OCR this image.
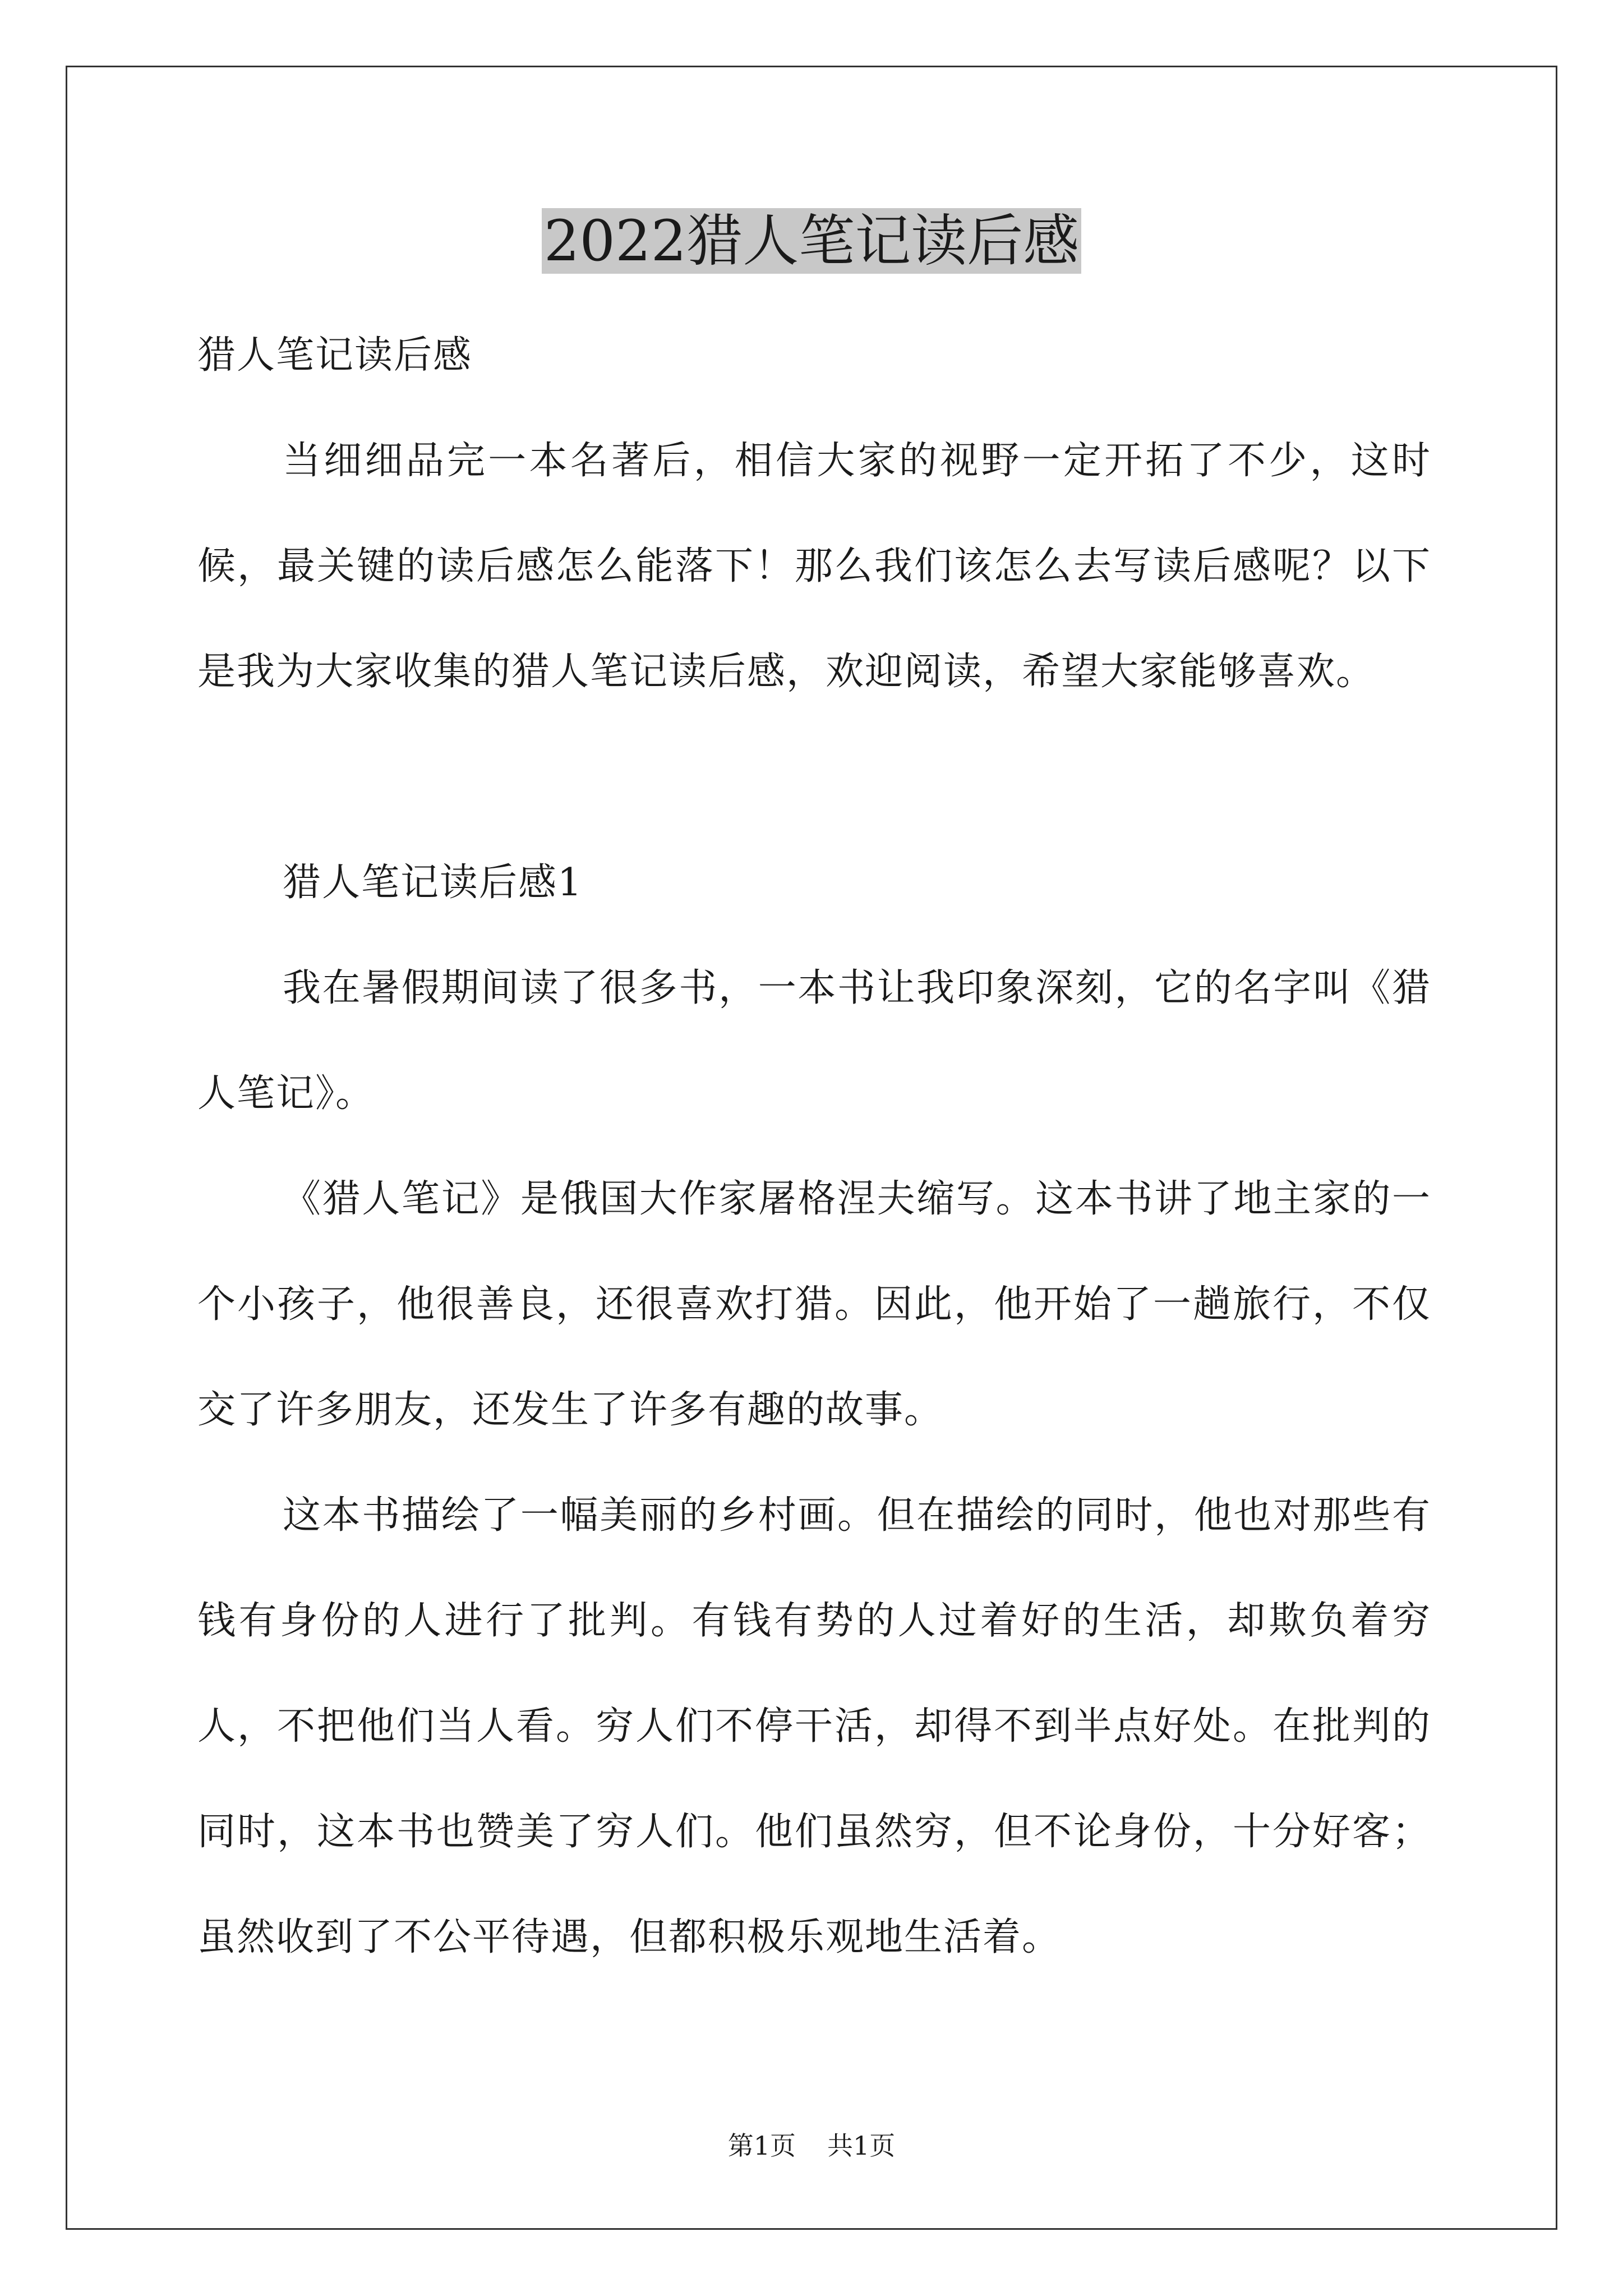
2022猎人笔记读后感

猎人笔记读后感

当细细品完一本名著后，相信大家的视野一定开拓了不少，这时候，最关键的读后感怎么能落下！那么我们该怎么去写读后感呢？以下是我为大家收集的猎人笔记读后感，欢迎阅读，希望大家能够喜欢。

猎人笔记读后感1

我在暑假期间读了很多书，一本书让我印象深刻，它的名字叫《猎人笔记》。

《猎人笔记》是俄国大作家屠格涅夫缩写。这本书讲了地主家的一个小孩子，他很善良，还很喜欢打猎。因此，他开始了一趟旅行，不仅交了许多朋友，还发生了许多有趣的故事。

这本书描绘了一幅美丽的乡村画。但在描绘的同时，他也对那些有钱有身份的人进行了批判。有钱有势的人过着好的生活，却欺负着穷人，不把他们当人看。穷人们不停干活，却得不到半点好处。在批判的同时，这本书也赞美了穷人们。他们虽然穷，但不论身份，十分好客；虽然收到了不公平待遇，但都积极乐观地生活着。

第1页 共1页
